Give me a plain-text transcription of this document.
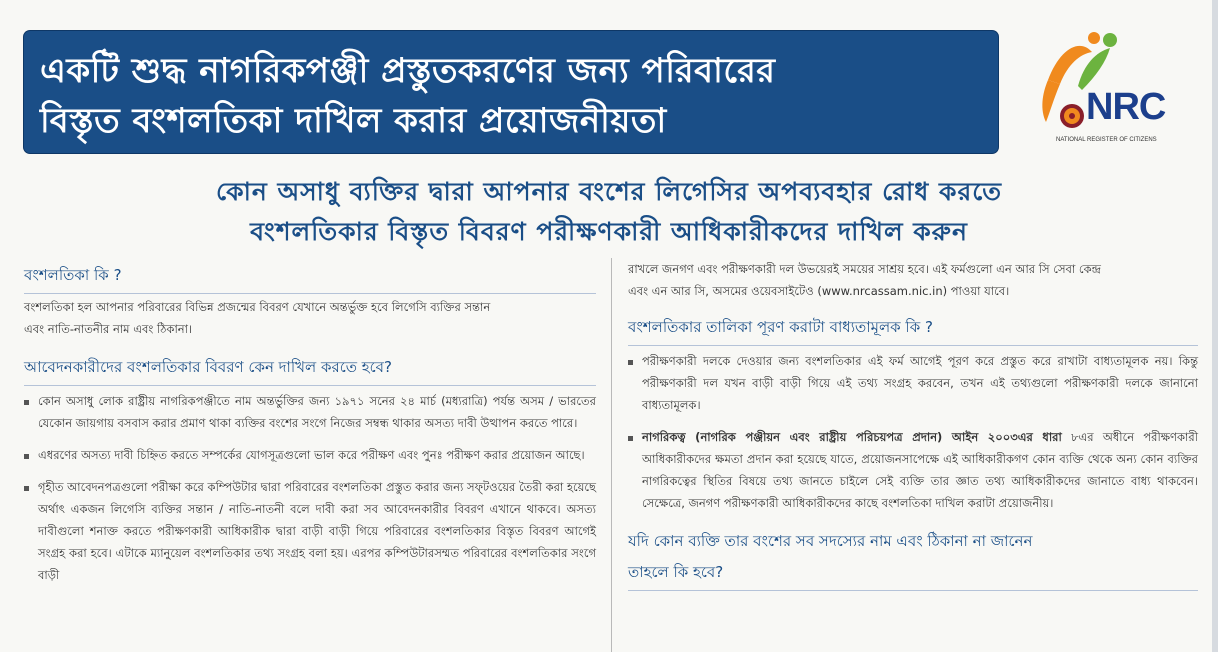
একটি শুদ্ধ নাগরিকপঞ্জী প্রস্তুতকরণের জন্য পরিবারের
বিস্তৃত বংশলতিকা দাখিল করার প্রয়োজনীয়তা	NRC
NATIONAL REGISTER OF CITIZENS
কোন অসাধু ব্যক্তির দ্বারা আপনার বংশের লিগেসির অপব্যবহার রোধ করতে
বংশলতিকার বিস্তৃত বিবরণ পরীক্ষণকারী আধিকারীকদের দাখিল করুন
বংশলতিকা কি ?

বংশলতিকা হল আপনার পরিবারের বিভিন্ন প্রজন্মের বিবরণ যেখানে অন্তর্ভুক্ত হবে লিগেসি ব্যক্তির সন্তান

এবং নাতি-নাতনীর নাম এবং ঠিকানা।

আবেদনকারীদের বংশলতিকার বিবরণ কেন দাখিল করতে হবে?
কোন অসাধু লোক রাষ্ট্রীয় নাগরিকপঞ্জীতে নাম অন্তর্ভুক্তির জন্য ১৯৭১ সনের ২৪ মার্চ (মধ্যরাত্রি) পর্যন্ত অসম / ভারতের যেকোন জায়গায় বসবাস করার প্রমাণ থাকা ব্যক্তির বংশের সংগে নিজের সম্বন্ধ থাকার অসত্য দাবী উত্থাপন করতে পারে।
এধরণের অসত্য দাবী চিহ্নিত করতে সম্পর্কের যোগসূত্রগুলো ভাল করে পরীক্ষণ এবং পুনঃ পরীক্ষণ করার প্রয়োজন আছে।
গৃহীত আবেদনপত্রগুলো পরীক্ষা করে কম্পিউটার দ্বারা পরিবারের বংশলতিকা প্রস্তুত করার জন্য সফ্‌টওয়ের তৈরী করা হয়েছে অর্থাৎ একজন লিগেসি ব্যক্তির সন্তান / নাতি-নাতনী বলে দাবী করা সব আবেদনকারীর বিবরণ এখানে থাকবে। অসত্য দাবীগুলো শনাক্ত করতে পরীক্ষণকারী আধিকারীক দ্বারা বাড়ী বাড়ী গিয়ে পরিবারের বংশলতিকার বিস্তৃত বিবরণ আগেই সংগ্রহ করা হবে। এটাকে ম্যানুয়েল বংশলতিকার তথ্য সংগ্রহ বলা হয়। এরপর কম্পিউটারসম্মত পরিবারের বংশলতিকার সংগে বাড়ী

রাখলে জনগণ এবং পরীক্ষণকারী দল উভয়েরই সময়ের সাশ্রয় হবে। এই ফর্মগুলো এন আর সি সেবা কেন্দ্র

এবং এন আর সি, অসমের ওয়েবসাইটেও (www.nrcassam.nic.in) পাওয়া যাবে।

বংশলতিকার তালিকা পূরণ করাটা বাধ্যতামূলক কি ?
পরীক্ষণকারী দলকে দেওয়ার জন্য বংশলতিকার এই ফর্ম আগেই পূরণ করে প্রস্তুত করে রাখাটা বাধ্যতামূলক নয়। কিন্তু পরীক্ষণকারী দল যখন বাড়ী বাড়ী গিয়ে এই তথ্য সংগ্রহ করবেন, তখন এই তথ্যগুলো পরীক্ষণকারী দলকে জানানো বাধ্যতামূলক।
নাগরিকত্ব (নাগরিক পঞ্জীয়ন এবং রাষ্ট্রীয় পরিচয়পত্র প্রদান) আইন ২০০৩এর ধারা ৮এর অধীনে পরীক্ষণকারী আধিকারীকদের ক্ষমতা প্রদান করা হয়েছে যাতে, প্রয়োজনসাপেক্ষে এই আধিকারীকগণ কোন ব্যক্তি থেকে অন্য কোন ব্যক্তির নাগরিকত্বের স্থিতির বিষয়ে তথ্য জানতে চাইলে সেই ব্যক্তি তার জ্ঞাত তথ্য আধিকারীকদের জানাতে বাধ্য থাকবেন। সেক্ষেত্রে, জনগণ পরীক্ষণকারী আধিকারীকদের কাছে বংশলতিকা দাখিল করাটা প্রয়োজনীয়।
যদি কোন ব্যক্তি তার বংশের সব সদস্যের নাম এবং ঠিকানা না জানেন
তাহলে কি হবে?
